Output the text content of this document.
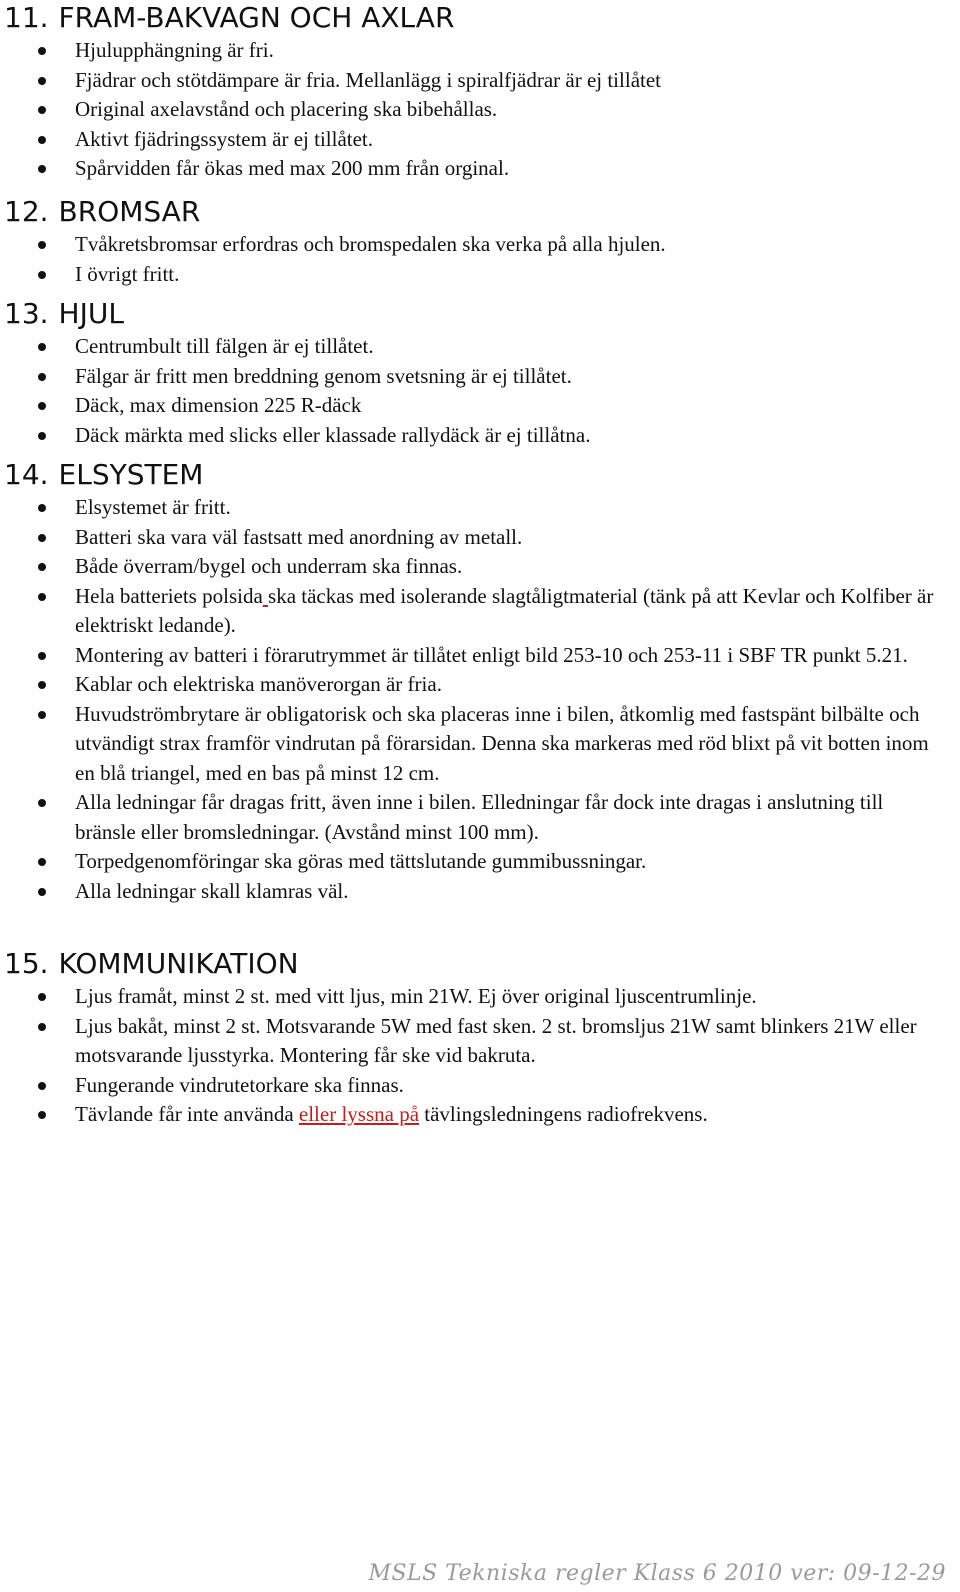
11. FRAM-BAKVAGN OCH AXLAR
Hjulupphängning är fri.
Fjädrar och stötdämpare är fria. Mellanlägg i spiralfjädrar är ej tillåtet
Original axelavstånd och placering ska bibehållas.
Aktivt fjädringssystem är ej tillåtet.
Spårvidden får ökas med max 200 mm från orginal.
12. BROMSAR
Tvåkretsbromsar erfordras och bromspedalen ska verka på alla hjulen.
I övrigt fritt.
13. HJUL
Centrumbult till fälgen är ej tillåtet.
Fälgar är fritt men breddning genom svetsning är ej tillåtet.
Däck, max dimension 225 R-däck
Däck märkta med slicks eller klassade rallydäck är ej tillåtna.
14. ELSYSTEM
Elsystemet är fritt.
Batteri ska vara väl fastsatt med anordning av metall.
Både överram/bygel och underram ska finnas.
Hela batteriets polsida ska täckas med isolerande slagtåligtmaterial (tänk på att Kevlar och Kolfiber är elektriskt ledande).
Montering av batteri i förarutrymmet är tillåtet enligt bild 253-10 och 253-11 i SBF TR punkt 5.21.
Kablar och elektriska manöverorgan är fria.
Huvudströmbrytare är obligatorisk och ska placeras inne i bilen, åtkomlig med fastspänt bilbälte och utvändigt strax framför vindrutan på förarsidan. Denna ska markeras med röd blixt på vit botten inom en blå triangel, med en bas på minst 12 cm.
Alla ledningar får dragas fritt, även inne i bilen. Elledningar får dock inte dragas i anslutning till bränsle eller bromsledningar. (Avstånd minst 100 mm).
Torpedgenomföringar ska göras med tättslutande gummibussningar.
Alla ledningar skall klamras väl.
15. KOMMUNIKATION
Ljus framåt, minst 2 st. med vitt ljus, min 21W. Ej över original ljuscentrumlinje.
Ljus bakåt, minst 2 st. Motsvarande 5W med fast sken. 2 st. bromsljus 21W samt blinkers 21W eller motsvarande ljusstyrka. Montering får ske vid bakruta.
Fungerande vindrutetorkare ska finnas.
Tävlande får inte använda eller lyssna på tävlingsledningens radiofrekvens.
MSLS Tekniska regler Klass 6 2010 ver: 09-12-29
